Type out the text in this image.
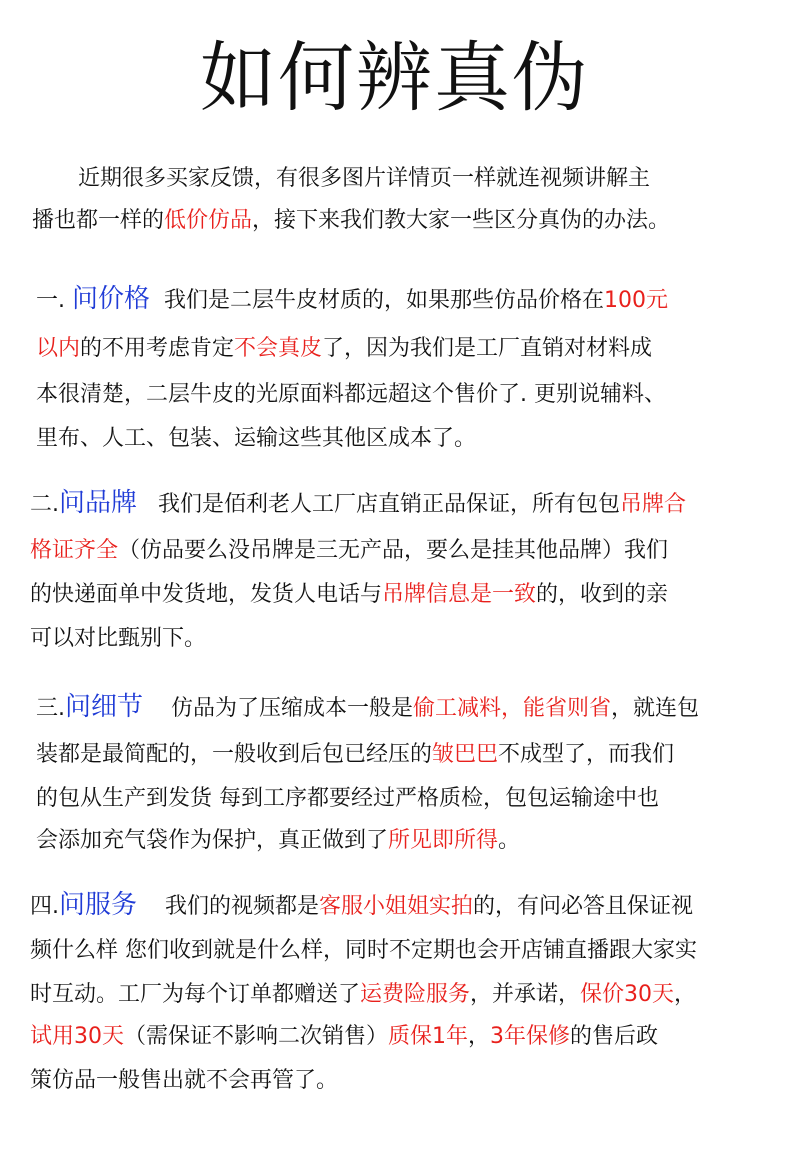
如何辨真伪
近期很多买家反馈，有很多图片详情页一样就连视频讲解主
播也都一样的低价仿品，接下来我们教大家一些区分真伪的办法。
一. 问价格 我们是二层牛皮材质的，如果那些仿品价格在100元
以内的不用考虑肯定不会真皮了，因为我们是工厂直销对材料成
本很清楚，二层牛皮的光原面料都远超这个售价了. 更别说辅料、
里布、人工、包装、运输这些其他区成本了。
二.问品牌 我们是佰利老人工厂店直销正品保证，所有包包吊牌合
格证齐全（仿品要么没吊牌是三无产品，要么是挂其他品牌）我们
的快递面单中发货地，发货人电话与吊牌信息是一致的，收到的亲
可以对比甄别下。
三.问细节 仿品为了压缩成本一般是偷工减料，能省则省，就连包
装都是最简配的，一般收到后包已经压的皱巴巴不成型了，而我们
的包从生产到发货 每到工序都要经过严格质检，包包运输途中也
会添加充气袋作为保护，真正做到了所见即所得。
四.问服务 我们的视频都是客服小姐姐实拍的，有问必答且保证视
频什么样 您们收到就是什么样，同时不定期也会开店铺直播跟大家实
时互动。工厂为每个订单都赠送了运费险服务，并承诺，保价30天，
试用30天（需保证不影响二次销售）质保1年，3年保修的售后政
策仿品一般售出就不会再管了。
